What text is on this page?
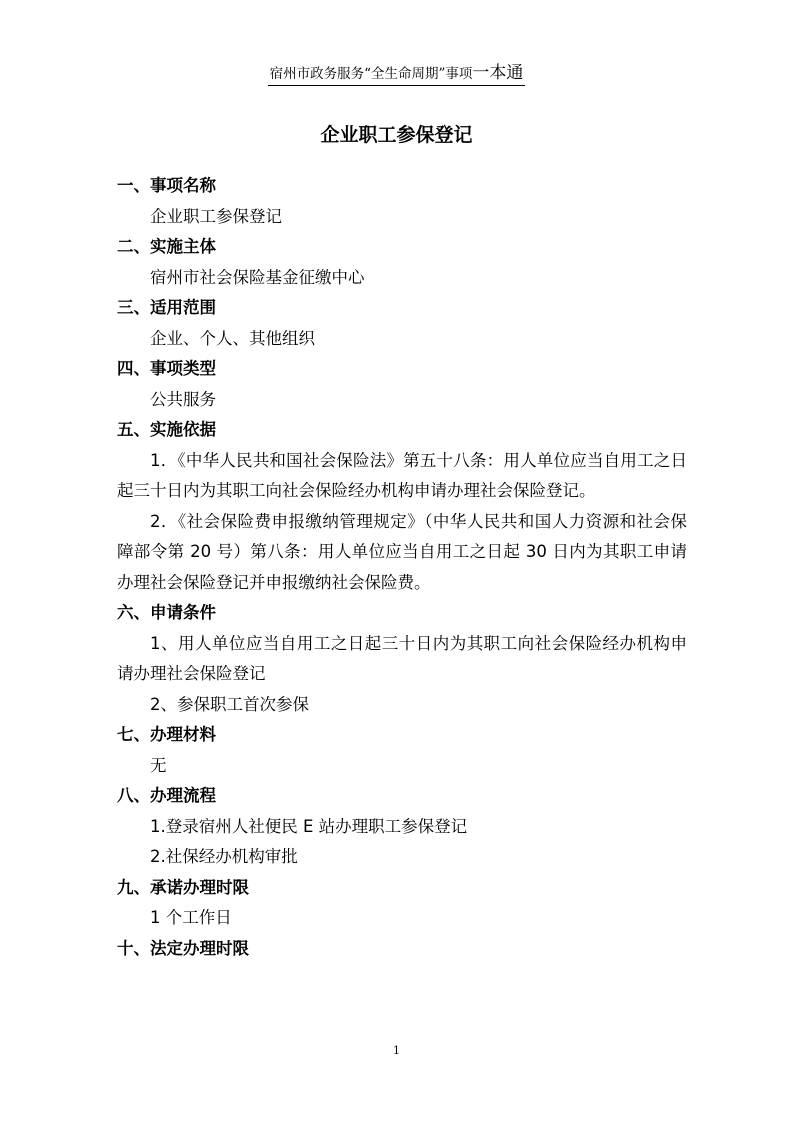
宿州市政务服务“全生命周期”事项一本通
企业职工参保登记
一、事项名称
企业职工参保登记
二、实施主体
宿州市社会保险基金征缴中心
三、适用范围
企业、个人、其他组织
四、事项类型
公共服务
五、实施依据
1．《中华人民共和国社会保险法》第五十八条：用人单位应当自用工之日起三十日内为其职工向社会保险经办机构申请办理社会保险登记。
2．《社会保险费申报缴纳管理规定》（中华人民共和国人力资源和社会保障部令第 20 号）第八条：用人单位应当自用工之日起 30 日内为其职工申请办理社会保险登记并申报缴纳社会保险费。
六、申请条件
1、用人单位应当自用工之日起三十日内为其职工向社会保险经办机构申请办理社会保险登记
2、参保职工首次参保
七、办理材料
无
八、办理流程
1.登录宿州人社便民 E 站办理职工参保登记
2.社保经办机构审批
九、承诺办理时限
1 个工作日
十、法定办理时限
1
